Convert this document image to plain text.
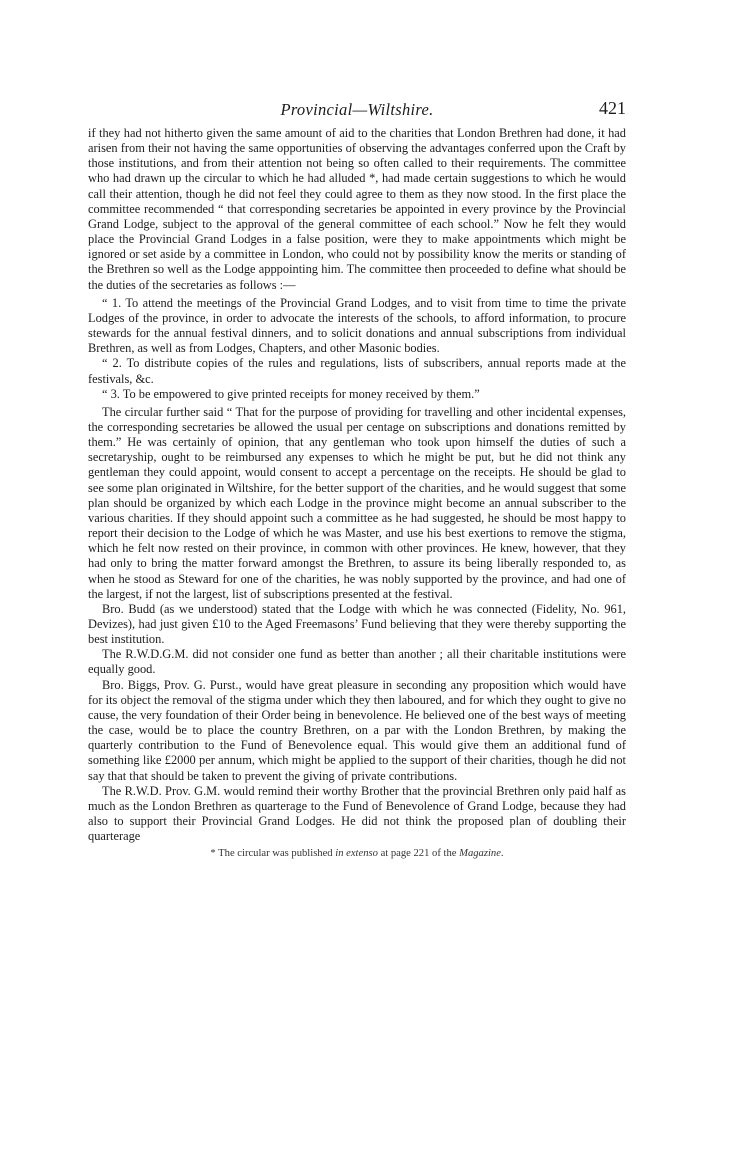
Provincial—Wiltshire.	421

if they had not hitherto given the same amount of aid to the charities that London Brethren had done, it had arisen from their not having the same opportunities of observing the advantages conferred upon the Craft by those institutions, and from their attention not being so often called to their requirements. The committee who had drawn up the circular to which he had alluded *, had made certain suggestions to which he would call their attention, though he did not feel they could agree to them as they now stood. In the first place the committee recommended “ that corresponding secretaries be appointed in every province by the Provincial Grand Lodge, subject to the approval of the general committee of each school.” Now he felt they would place the Provincial Grand Lodges in a false position, were they to make appointments which might be ignored or set aside by a committee in London, who could not by possibility know the merits or standing of the Brethren so well as the Lodge apppointing him. The committee then proceeded to define what should be the duties of the secretaries as follows :—

“ 1. To attend the meetings of the Provincial Grand Lodges, and to visit from time to time the private Lodges of the province, in order to advocate the interests of the schools, to afford information, to procure stewards for the annual festival dinners, and to solicit donations and annual subscriptions from individual Brethren, as well as from Lodges, Chapters, and other Masonic bodies.

“ 2. To distribute copies of the rules and regulations, lists of subscribers, annual reports made at the festivals, &c.

“ 3. To be empowered to give printed receipts for money received by them.”

The circular further said “ That for the purpose of providing for travelling and other incidental expenses, the corresponding secretaries be allowed the usual per centage on subscriptions and donations remitted by them.” He was certainly of opinion, that any gentleman who took upon himself the duties of such a secretaryship, ought to be reimbursed any expenses to which he might be put, but he did not think any gentleman they could appoint, would consent to accept a percentage on the receipts. He should be glad to see some plan originated in Wiltshire, for the better support of the charities, and he would suggest that some plan should be organized by which each Lodge in the province might become an annual subscriber to the various charities. If they should appoint such a committee as he had suggested, he should be most happy to report their decision to the Lodge of which he was Master, and use his best exertions to remove the stigma, which he felt now rested on their province, in common with other provinces. He knew, however, that they had only to bring the matter forward amongst the Brethren, to assure its being liberally responded to, as when he stood as Steward for one of the charities, he was nobly supported by the province, and had one of the largest, if not the largest, list of subscriptions presented at the festival.

Bro. Budd (as we understood) stated that the Lodge with which he was connected (Fidelity, No. 961, Devizes), had just given £10 to the Aged Freemasons’ Fund believing that they were thereby supporting the best institution.

The R.W.D.G.M. did not consider one fund as better than another ; all their charitable institutions were equally good.

Bro. Biggs, Prov. G. Purst., would have great pleasure in seconding any proposition which would have for its object the removal of the stigma under which they then laboured, and for which they ought to give no cause, the very foundation of their Order being in benevolence. He believed one of the best ways of meeting the case, would be to place the country Brethren, on a par with the London Brethren, by making the quarterly contribution to the Fund of Benevolence equal. This would give them an additional fund of something like £2000 per annum, which might be applied to the support of their charities, though he did not say that that should be taken to prevent the giving of private contributions.

The R.W.D. Prov. G.M. would remind their worthy Brother that the provincial Brethren only paid half as much as the London Brethren as quarterage to the Fund of Benevolence of Grand Lodge, because they had also to support their Provincial Grand Lodges. He did not think the proposed plan of doubling their quarterage

* The circular was published in extenso at page 221 of the Magazine.
